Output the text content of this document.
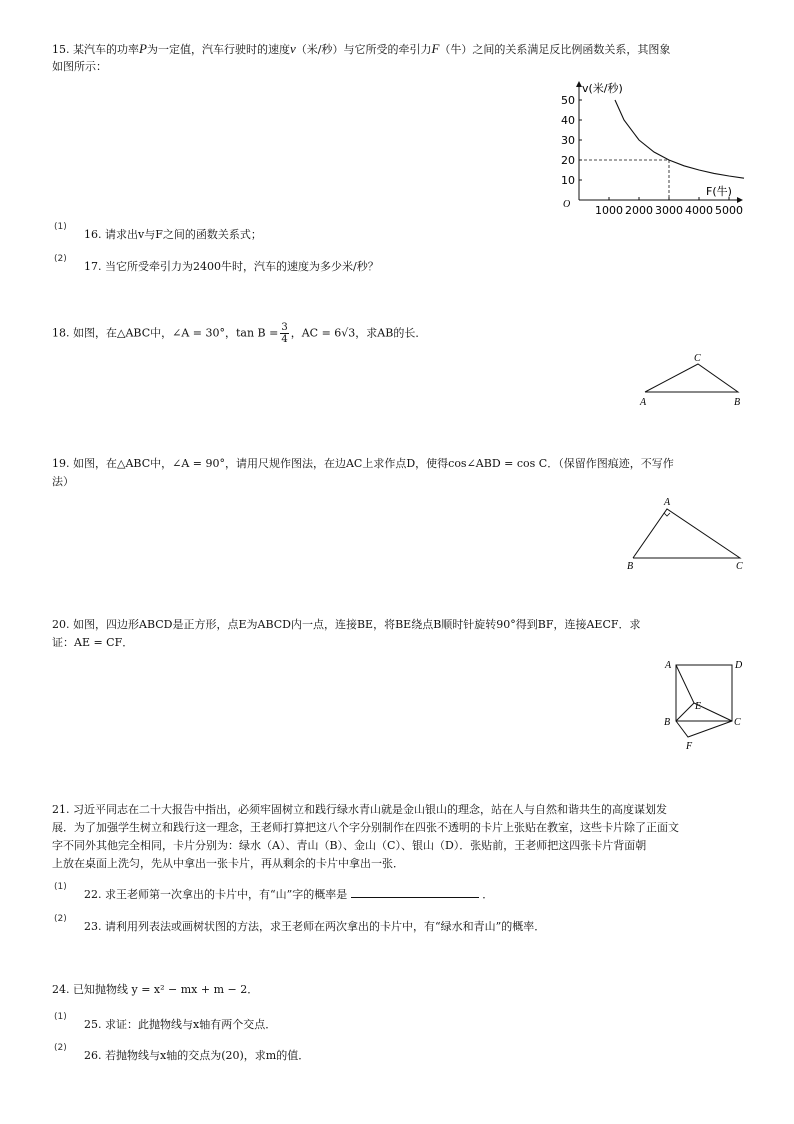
15. 某汽车的功率P为一定值，汽车行驶时的速度v（米/秒）与它所受的牵引力F（牛）之间的关系满足反比例函数关系，其图象
如图所示：
10
20
30
40
50
1000 2000 3000 4000 5000
O
v(米/秒)
F(牛)
(1)
16. 请求出v与F之间的函数关系式；
(2)
17. 当它所受牵引力为2400牛时，汽车的速度为多少米/秒？
18. 如图，在△ABC中，∠A = 30°，$\tan B = \frac{3}{4}$ ，AC = 6√3，求AB的长．
C
A	B
19. 如图，在△ABC中，∠A = 90°，请用尺规作图法，在边AC上求作点D，使得cos∠ABD = cos C．（保留作图痕迹，不写作
法）
A
B	C
20. 如图，四边形ABCD是正方形，点E为ABCD内一点，连接BE，将BE绕点B顺时针旋转90°得到BF，连接AECF．求
证：AE = CF．
A	D
E
B	C
F
21. 习近平同志在二十大报告中指出，必须牢固树立和践行绿水青山就是金山银山的理念，站在人与自然和谐共生的高度谋划发
展．为了加强学生树立和践行这一理念，王老师打算把这八个字分别制作在四张不透明的卡片上张贴在教室，这些卡片除了正面文
字不同外其他完全相同，卡片分别为：绿水（A）、青山（B）、金山（C）、银山（D）．张贴前，王老师把这四张卡片背面朝
上放在桌面上洗匀，先从中拿出一张卡片，再从剩余的卡片中拿出一张．
(1)
22. 求王老师第一次拿出的卡片中，有“山”字的概率是	．
(2)
23. 请利用列表法或画树状图的方法，求王老师在两次拿出的卡片中，有“绿水和青山”的概率．
24. 已知抛物线 y = x² − mx + m − 2．
(1)
25. 求证：此抛物线与x轴有两个交点．
(2)
26. 若抛物线与x轴的交点为(20)，求m的值．
